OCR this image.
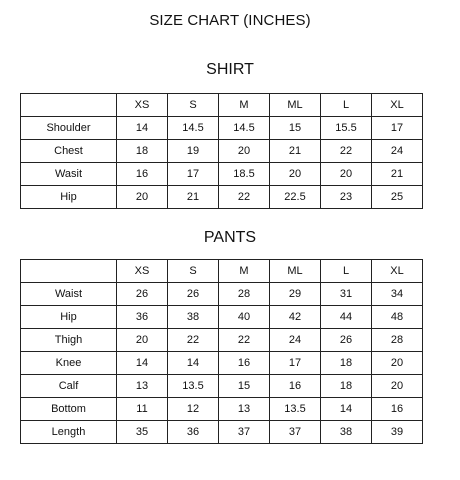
SIZE CHART (INCHES)
SHIRT
	XS	S	M	ML	L	XL
Shoulder	14	14.5	14.5	15	15.5	17
Chest	18	19	20	21	22	24
Wasit	16	17	18.5	20	20	21
Hip	20	21	22	22.5	23	25
PANTS
	XS	S	M	ML	L	XL
Waist	26	26	28	29	31	34
Hip	36	38	40	42	44	48
Thigh	20	22	22	24	26	28
Knee	14	14	16	17	18	20
Calf	13	13.5	15	16	18	20
Bottom	11	12	13	13.5	14	16
Length	35	36	37	37	38	39
